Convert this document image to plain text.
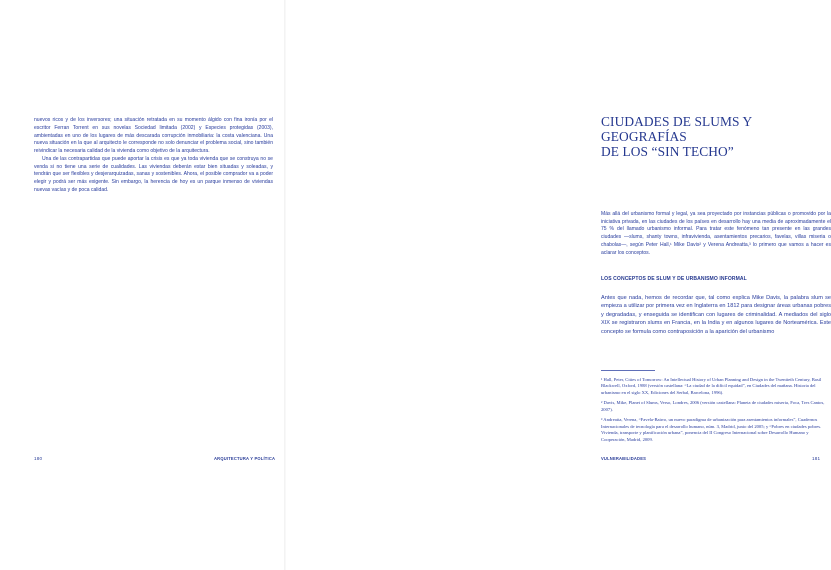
nuevos ricos y de los inversores; una situación retratada en su momento álgido con fina ironía por el escritor Ferran Torrent en sus novelas Sociedad limitada (2002) y Especies protegidas (2003), ambientadas en uno de los lugares de más descarada corrupción inmobiliaria: la costa valenciana. Una nueva situación en la que al arquitecto le corresponde no solo denunciar el problema social, sino también reivindicar la necesaria calidad de la vivienda como objetivo de la arquitectura.

Una de las contrapartidas que puede aportar la crisis es que ya toda vivienda que se construya no se venda si no tiene una serie de cualidades. Las viviendas deberán estar bien situadas y soleadas, y tendrán que ser flexibles y desjerarquizadas, sanas y sostenibles. Ahora, el posible comprador va a poder elegir y podrá ser más exigente. Sin embargo, la herencia de hoy es un parque inmenso de viviendas nuevas vacías y de poca calidad.

180	ARQUITECTURA Y POLÍTICA
CIUDADES DE SLUMS Y GEOGRAFÍAS
DE LOS “SIN TECHO”

Más allá del urbanismo formal y legal, ya sea proyectado por instancias públicas o promovido por la iniciativa privada, en las ciudades de los países en desarrollo hay una media de aproximadamente el 75 % del llamado urbanismo informal. Para tratar este fenómeno tan presente en las grandes ciudades —slums, shanty towns, infravivienda, asentamientos precarios, favelas, villas miseria o chabolas—, según Peter Hall,¹ Mike Davis² y Verena Andreatta,³ lo primero que vamos a hacer es aclarar los conceptos.

LOS CONCEPTOS DE SLUM Y DE URBANISMO INFORMAL

Antes que nada, hemos de recordar que, tal como explica Mike Davis, la palabra slum se empieza a utilizar por primera vez en Inglaterra en 1812 para designar áreas urbanas pobres y degradadas, y enseguida se identifican con lugares de criminalidad. A mediados del siglo XIX se registraron slums en Francia, en la India y en algunos lugares de Norteamérica. Este concepto se formula como contraposición a la aparición del urbanismo

¹ Hall, Peter, Cities of Tomorrow: An Intellectual History of Urban Planning and Design in the Twentieth Century, Basil Blackwell, Oxford, 1988 (versión castellana: “La ciudad de la difícil equidad”, en Ciudades del mañana. Historia del urbanismo en el siglo XX, Ediciones del Serbal, Barcelona, 1996).

² Davis, Mike, Planet of Slums, Verso, Londres, 2006 (versión castellana: Planeta de ciudades miseria, Foca, Tres Cantos, 2007).

³ Andreatta, Verena, “Favela-Bairro, un nuevo paradigma de urbanización para asentamientos informales”, Cuadernos Internacionales de tecnología para el desarrollo humano, núm. 3, Madrid, junio del 2005; y “Pobres en ciudades pobres. Vivienda, transporte y planificación urbana”, ponencia del II Congreso Internacional sobre Desarrollo Humano y Cooperación, Madrid, 2009.

VULNERABILIDADES	181
